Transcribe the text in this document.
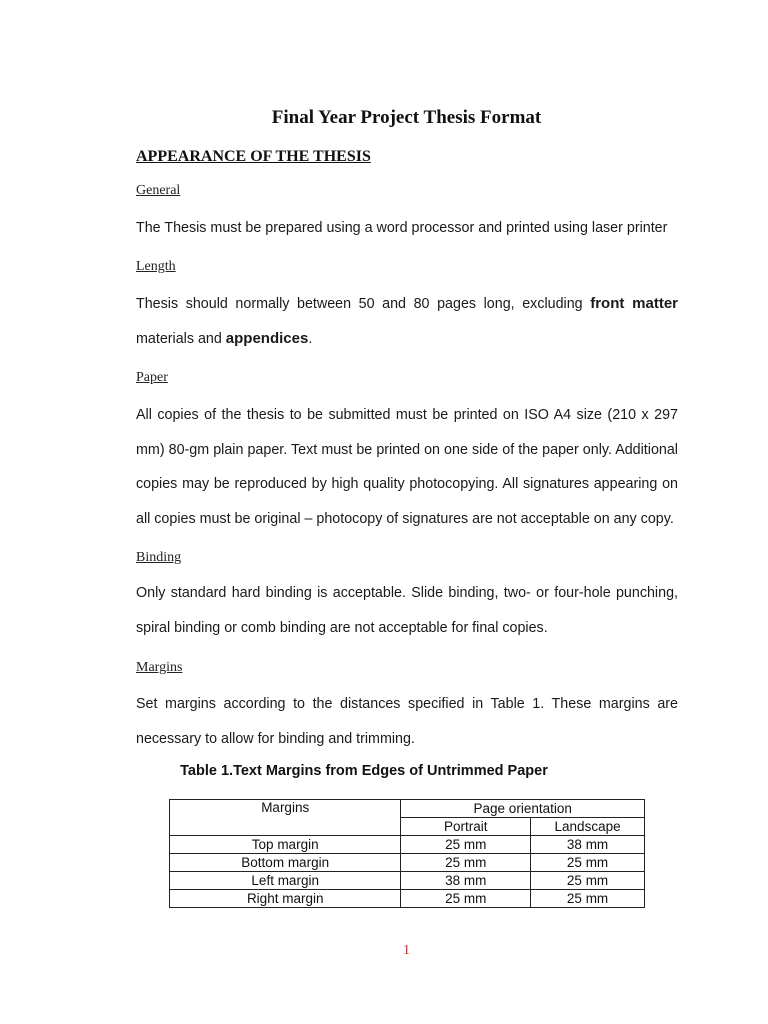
Final Year Project Thesis Format
APPEARANCE OF THE THESIS
General
The Thesis must be prepared using a word processor and printed using laser printer
Length
Thesis should normally between 50 and 80 pages long, excluding front matter materials and appendices.
Paper
All copies of the thesis to be submitted must be printed on ISO A4 size (210 x 297 mm) 80-gm plain paper. Text must be printed on one side of the paper only. Additional copies may be reproduced by high quality photocopying. All signatures appearing on all copies must be original – photocopy of signatures are not acceptable on any copy.
Binding
Only standard hard binding is acceptable. Slide binding, two- or four-hole punching, spiral binding or comb binding are not acceptable for final copies.
Margins
Set margins according to the distances specified in Table 1. These margins are necessary to allow for binding and trimming.
Table 1.Text Margins from Edges of Untrimmed Paper
Margins	Page orientation	
	Portrait	Landscape
Top margin	25 mm	38 mm
Bottom margin	25 mm	25 mm
Left margin	38 mm	25 mm
Right margin	25 mm	25 mm
1
